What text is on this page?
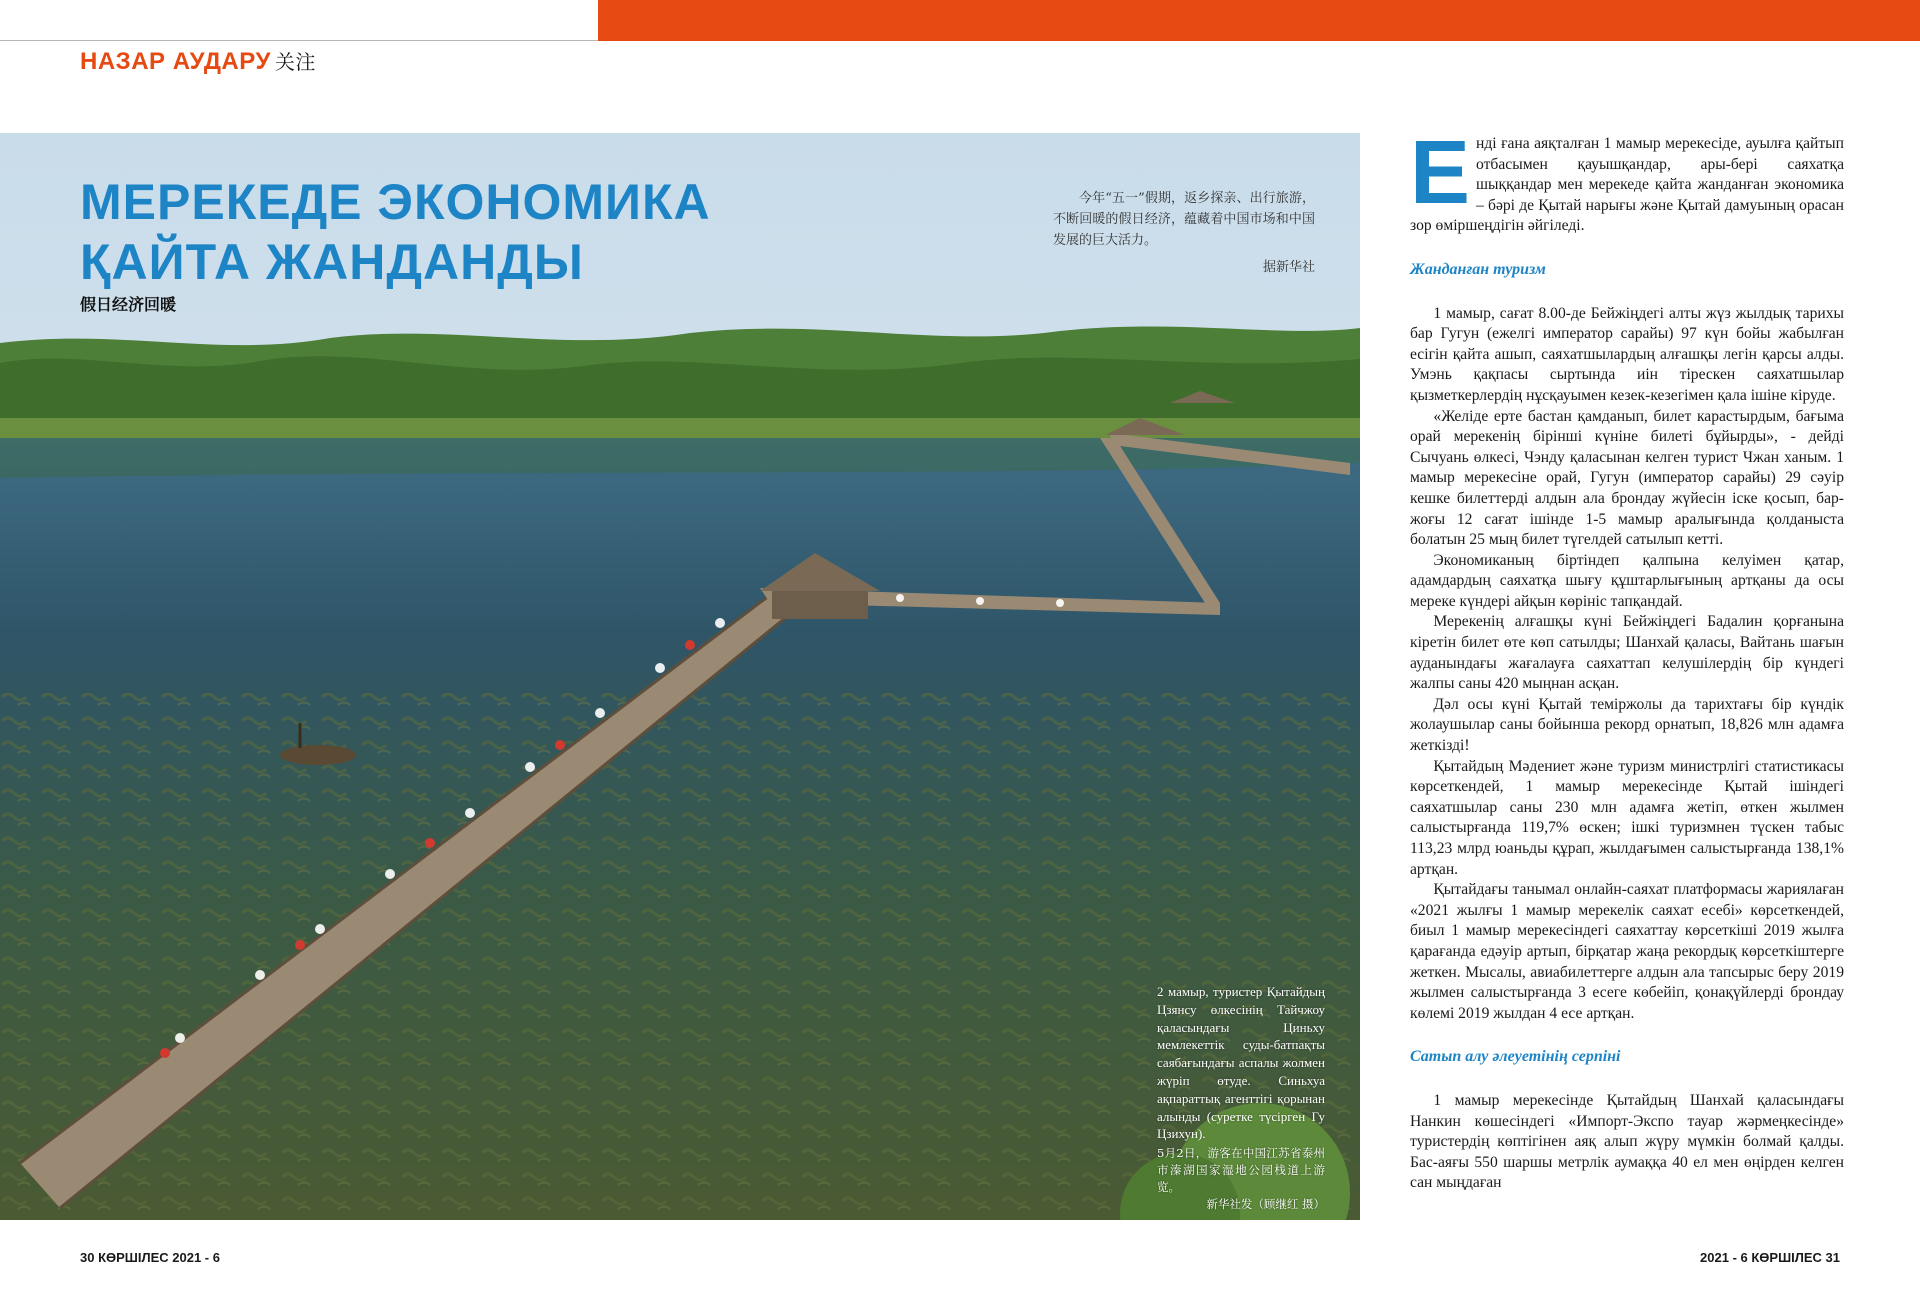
НАЗАР АУДАРУ 关注
МЕРЕКЕДЕ ЭКОНОМИКА
ҚАЙТА ЖАНДАНДЫ
假日经济回暖
今年“五一”假期，返乡探亲、出行旅游，不断回暖的假日经济，蕴藏着中国市场和中国发展的巨大活力。
据新华社
2 мамыр, туристер Қытайдың Цзянсу өлкесінің Тайчжоу қаласындағы Циньху мемлекеттік суды-батпақты саябағындағы аспалы жолмен жүріп өтуде. Синьхуа ақпараттық агенттігі қорынан алынды (суретке түсірген Гу Цзихун).
5月2日，游客在中国江苏省泰州市溱湖国家湿地公园栈道上游览。
新华社发（顾继红 摄）

Енді ғана аяқталған 1 мамыр мерекесіде, ауылға қайтып отбасымен қауышқандар, ары-бері саяхатқа шыққандар мен мерекеде қайта жанданған экономика – бәрі де Қытай нарығы және Қытай дамуының орасан зор өміршеңдігін әйгіледі.

Жанданған туризм

1 мамыр, сағат 8.00-де Бейжіңдегі алты жүз жылдық тарихы бар Гугун (ежелгі император сарайы) 97 күн бойы жабылған есігін қайта ашып, саяхатшылардың алғашқы легін қарсы алды. Умэнь қақпасы сыртында иін тірескен саяхатшылар қызметкерлердің нұсқауымен кезек-кезегімен қала ішіне кіруде.

«Желіде ерте бастан қамданып, билет карастырдым, бағыма орай мерекенің бірінші күніне билеті бұйырды», - дейді Сычуань өлкесі, Чэнду қаласынан келген турист Чжан ханым. 1 мамыр мерекесіне орай, Гугун (император сарайы) 29 сәуір кешке билеттерді алдын ала брондау жүйесін іске қосып, бар-жоғы 12 сағат ішінде 1-5 мамыр аралығында қолданыста болатын 25 мың билет түгелдей сатылып кетті.

Экономиканың біртіндеп қалпына келуімен қатар, адамдардың саяхатқа шығу құштарлығының артқаны да осы мереке күндері айқын көрініс тапқандай.

Мерекенің алғашқы күні Бейжіңдегі Бадалин қорғанына кіретін билет өте көп сатылды; Шанхай қаласы, Вайтань шағын ауданындағы жағалауға саяхаттап келушілердің бір күндегі жалпы саны 420 мыңнан асқан.

Дәл осы күні Қытай теміржолы да тарихтағы бір күндік жолаушылар саны бойынша рекорд орнатып, 18,826 млн адамға жеткізді!

Қытайдың Мәдениет және туризм министрлігі статистикасы көрсеткендей, 1 мамыр мерекесінде Қытай ішіндегі саяхатшылар саны 230 млн адамға жетіп, өткен жылмен салыстырғанда 119,7% өскен; ішкі туризмнен түскен табыс 113,23 млрд юаньды құрап, жылдағымен салыстырғанда 138,1% артқан.

Қытайдағы танымал онлайн-саяхат платформасы жариялаған «2021 жылғы 1 мамыр мерекелік саяхат есебі» көрсеткендей, биыл 1 мамыр мерекесіндегі саяхаттау көрсеткіші 2019 жылға қарағанда едәуір артып, бірқатар жаңа рекордық көрсеткіштерге жеткен. Мысалы, авиабилеттерге алдын ала тапсырыс беру 2019 жылмен салыстырғанда 3 есеге көбейіп, қонақүйлерді брондау көлемі 2019 жылдан 4 есе артқан.

Сатып алу әлеуетінің серпіні

1 мамыр мерекесінде Қытайдың Шанхай қаласындағы Нанкин көшесіндегі «Импорт-Экспо тауар жәрмеңкесінде» туристердің көптігінен аяқ алып жүру мүмкін болмай қалды. Бас-аяғы 550 шаршы метрлік аумаққа 40 ел мен өңірден келген сан мыңдаған

30 КӨРШІЛЕС 2021 - 6	2021 - 6 КӨРШІЛЕС 31
